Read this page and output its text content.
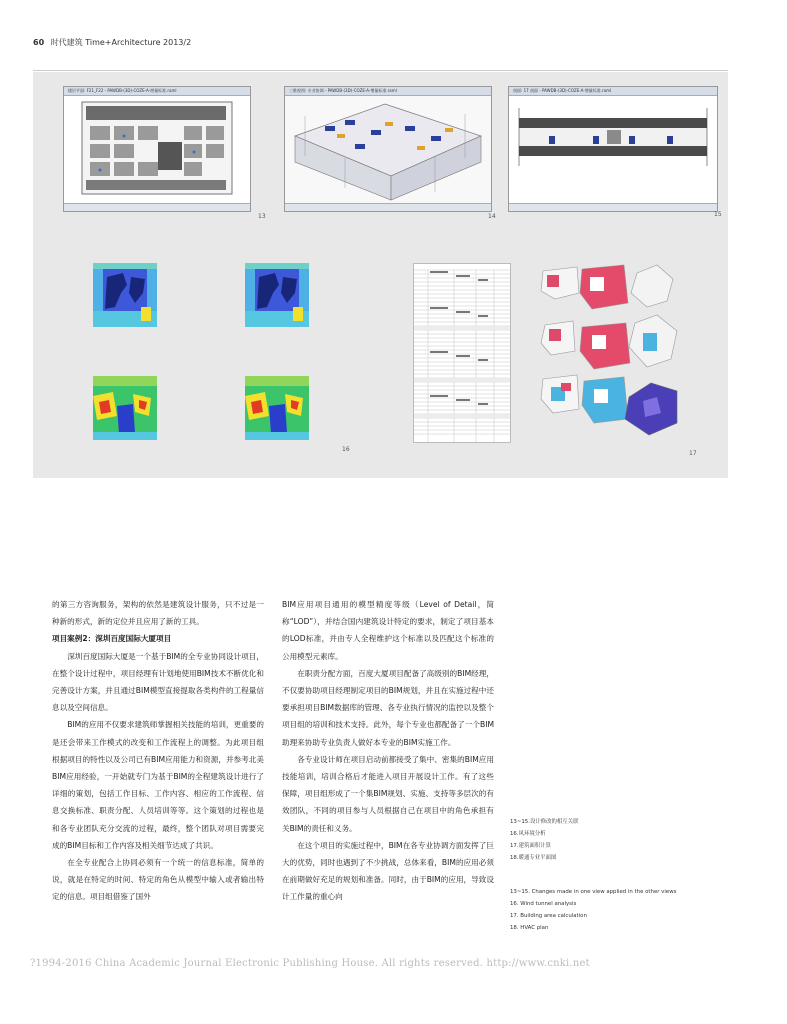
60 时代建筑 Time+Architecture 2013/2
楼层平面: F21_F22 - PAWDB-(3D)-COZE-A-增量标准.raml
13
三维视图: 专业协调 - PAWDB-(3D)-COZE-A-增量标准.raml
14
剖面: 17 剖面 - PAWDB-(3D)-COZE-A-增量标准.raml
15
16
17

的第三方咨询服务，架构的依然是建筑设计服务，只不过是一种新的形式，新的定位并且应用了新的工具。

项目案例2：深圳百度国际大厦项目

深圳百度国际大厦是一个基于BIM的全专业协同设计项目，在整个设计过程中，项目经理有计划地使用BIM技术不断优化和完善设计方案，并且通过BIM模型直接提取各类构件的工程量信息以及空间信息。

BIM的应用不仅要求建筑师掌握相关技能的培训，更重要的是还会带来工作模式的改变和工作流程上的调整。为此项目组根据项目的特性以及公司已有BIM应用能力和资源，并参考北美BIM应用经验，一开始就专门为基于BIM的全程建筑设计进行了详细的策划，包括工作目标、工作内容、相应的工作流程、信息交换标准、职责分配、人员培训等等。这个策划的过程也是和各专业团队充分交流的过程，最终，整个团队对项目需要完成的BIM目标和工作内容及相关细节达成了共识。

在全专业配合上协同必须有一个统一的信息标准，简单的说，就是在特定的时间、特定的角色从模型中输入或者输出特定的信息。项目组借鉴了国外

BIM应用项目通用的模型精度等级（Level of Detail，简称“LOD”），并结合国内建筑设计特定的要求，制定了项目基本的LOD标准，并由专人全程维护这个标准以及匹配这个标准的公用模型元素库。

在职责分配方面，百度大厦项目配备了高级别的BIM经理，不仅要协助项目经理制定项目的BIM规划，并且在实施过程中还要承担项目BIM数据库的管理、各专业执行情况的监控以及整个项目组的培训和技术支持。此外，每个专业也都配备了一个BIM助理来协助专业负责人做好本专业的BIM实施工作。

各专业设计师在项目启动前都接受了集中、密集的BIM应用技能培训，培训合格后才能进入项目开展设计工作。有了这些保障，项目组形成了一个集BIM规划、实施、支持等多层次的有效团队，不同的项目参与人员根据自己在项目中的角色承担有关BIM的责任和义务。

在这个项目的实施过程中，BIM在各专业协调方面发挥了巨大的优势，同时也遇到了不少挑战，总体来看，BIM的应用必须在前期做好充足的规划和准备。同时，由于BIM的应用，导致设计工作量的重心向

13~15.设计修改的相互关联
16.风环境分析
17.建筑面积计算
18.暖通专业平面图
13~15. Changes made in one view applied in the other views
16. Wind tunnel analysis
17. Building area calculation
18. HVAC plan
?1994-2016 China Academic Journal Electronic Publishing House. All rights reserved. http://www.cnki.net
